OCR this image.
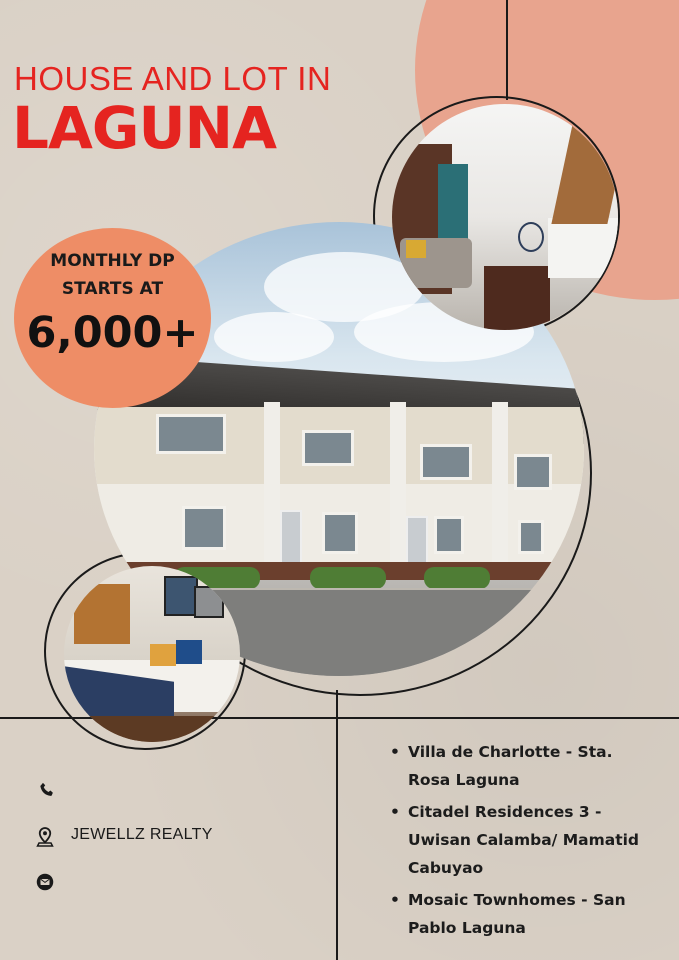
HOUSE AND LOT IN
LAGUNA
MONTHLY DP
STARTS AT
6,000+
JEWELLZ REALTY
• Villa de Charlotte - Sta. Rosa Laguna
• Citadel Residences 3 - Uwisan Calamba/ Mamatid Cabuyao
• Mosaic Townhomes - San Pablo Laguna
